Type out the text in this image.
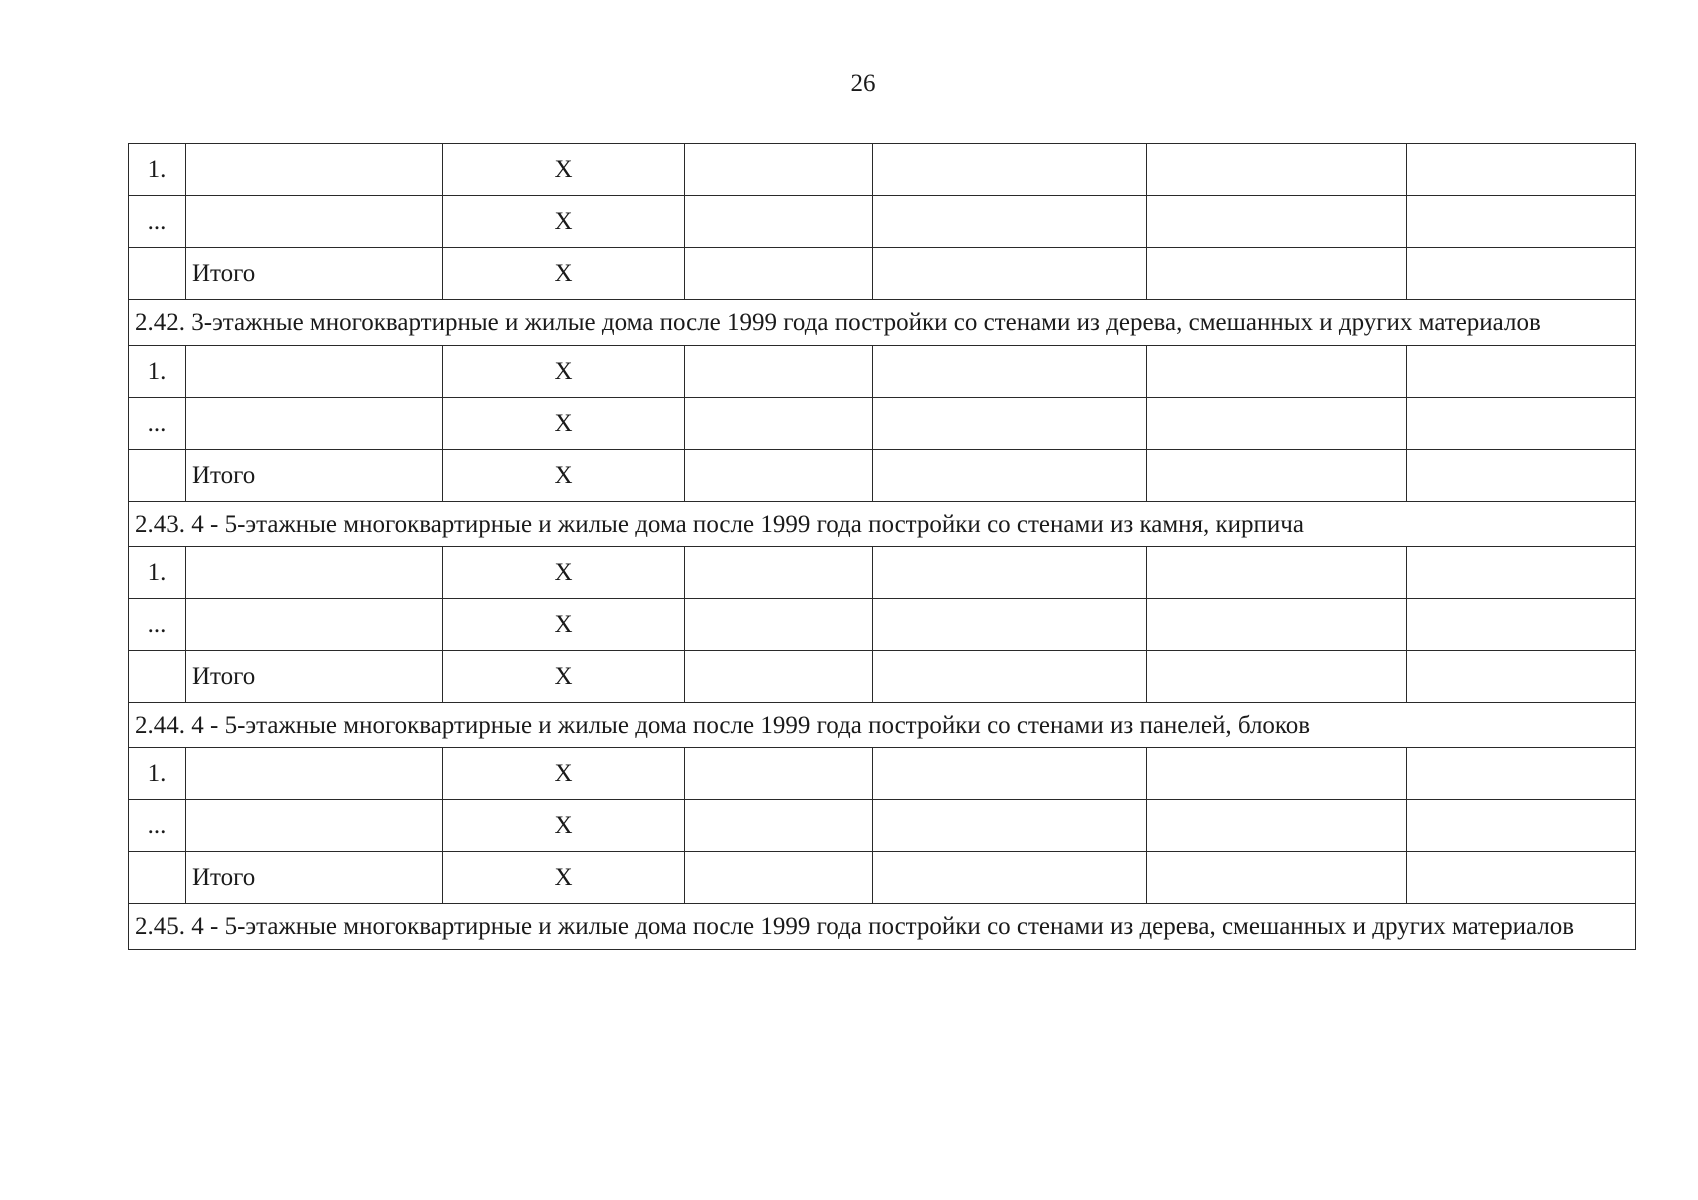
26
1.		X				
...		X				
	Итого	X				
2.42. 3-этажные многоквартирные и жилые дома после 1999 года постройки со стенами из дерева, смешанных и других материалов						
1.		X				
...		X				
	Итого	X				
2.43. 4 - 5-этажные многоквартирные и жилые дома после 1999 года постройки со стенами из камня, кирпича						
1.		X				
...		X				
	Итого	X				
2.44. 4 - 5-этажные многоквартирные и жилые дома после 1999 года постройки со стенами из панелей, блоков						
1.		X				
...		X				
	Итого	X				
2.45. 4 - 5-этажные многоквартирные и жилые дома после 1999 года постройки со стенами из дерева, смешанных и других материалов						
